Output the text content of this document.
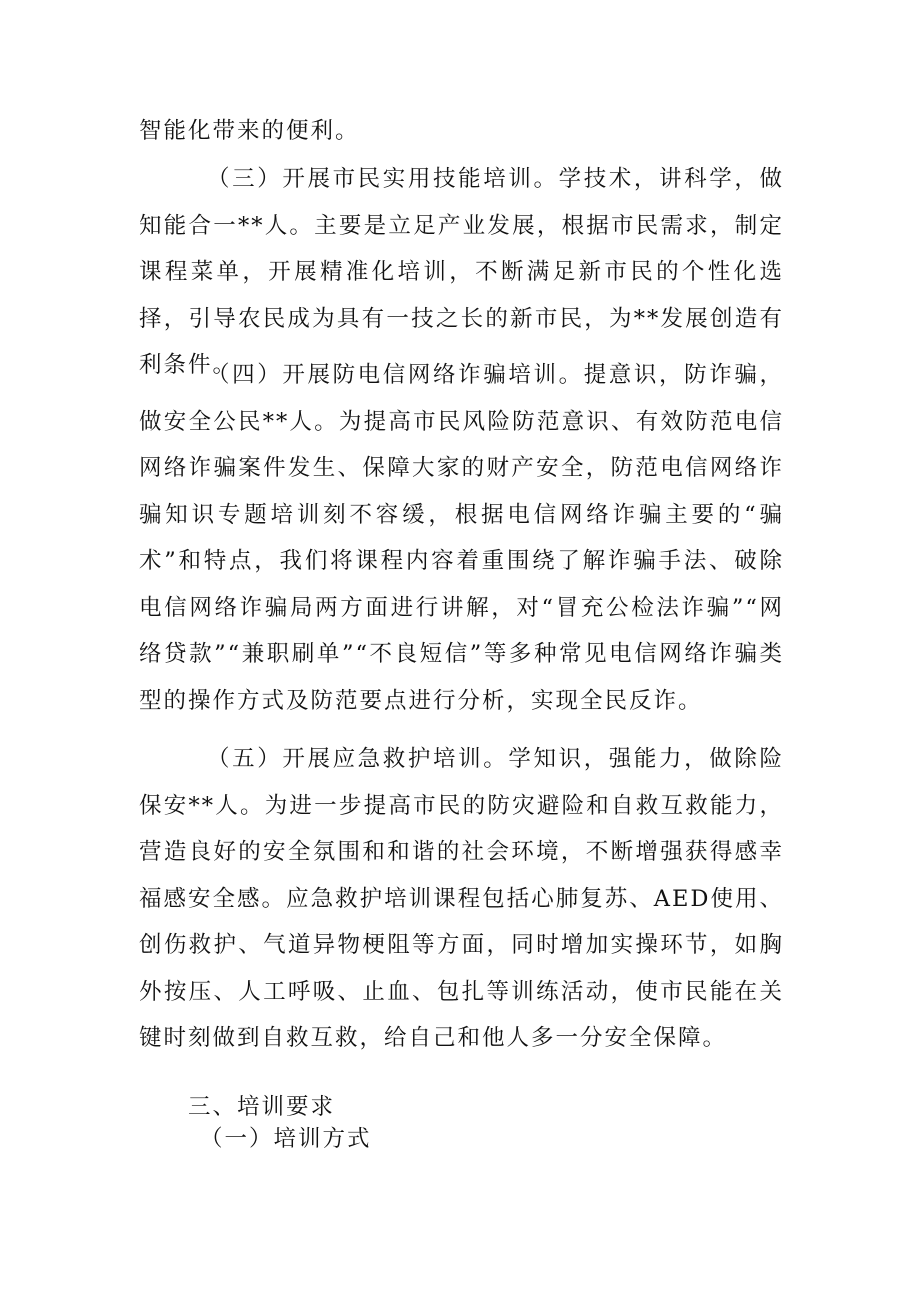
智能化带来的便利。

（三）开展市民实用技能培训。学技术，讲科学，做知能合一**人。主要是立足产业发展，根据市民需求，制定课程菜单，开展精准化培训，不断满足新市民的个性化选择，引导农民成为具有一技之长的新市民，为**发展创造有利条件。

（四）开展防电信网络诈骗培训。提意识，防诈骗，做安全公民**人。为提高市民风险防范意识、有效防范电信网络诈骗案件发生、保障大家的财产安全，防范电信网络诈骗知识专题培训刻不容缓，根据电信网络诈骗主要的“骗术”和特点，我们将课程内容着重围绕了解诈骗手法、破除电信网络诈骗局两方面进行讲解，对“冒充公检法诈骗”“网络贷款”“兼职刷单”“不良短信”等多种常见电信网络诈骗类型的操作方式及防范要点进行分析，实现全民反诈。

（五）开展应急救护培训。学知识，强能力，做除险保安**人。为进一步提高市民的防灾避险和自救互救能力，营造良好的安全氛围和和谐的社会环境，不断增强获得感幸福感安全感。应急救护培训课程包括心肺复苏、AED使用、创伤救护、气道异物梗阻等方面，同时增加实操环节，如胸外按压、人工呼吸、止血、包扎等训练活动，使市民能在关键时刻做到自救互救，给自己和他人多一分安全保障。

三、培训要求
（一）培训方式
